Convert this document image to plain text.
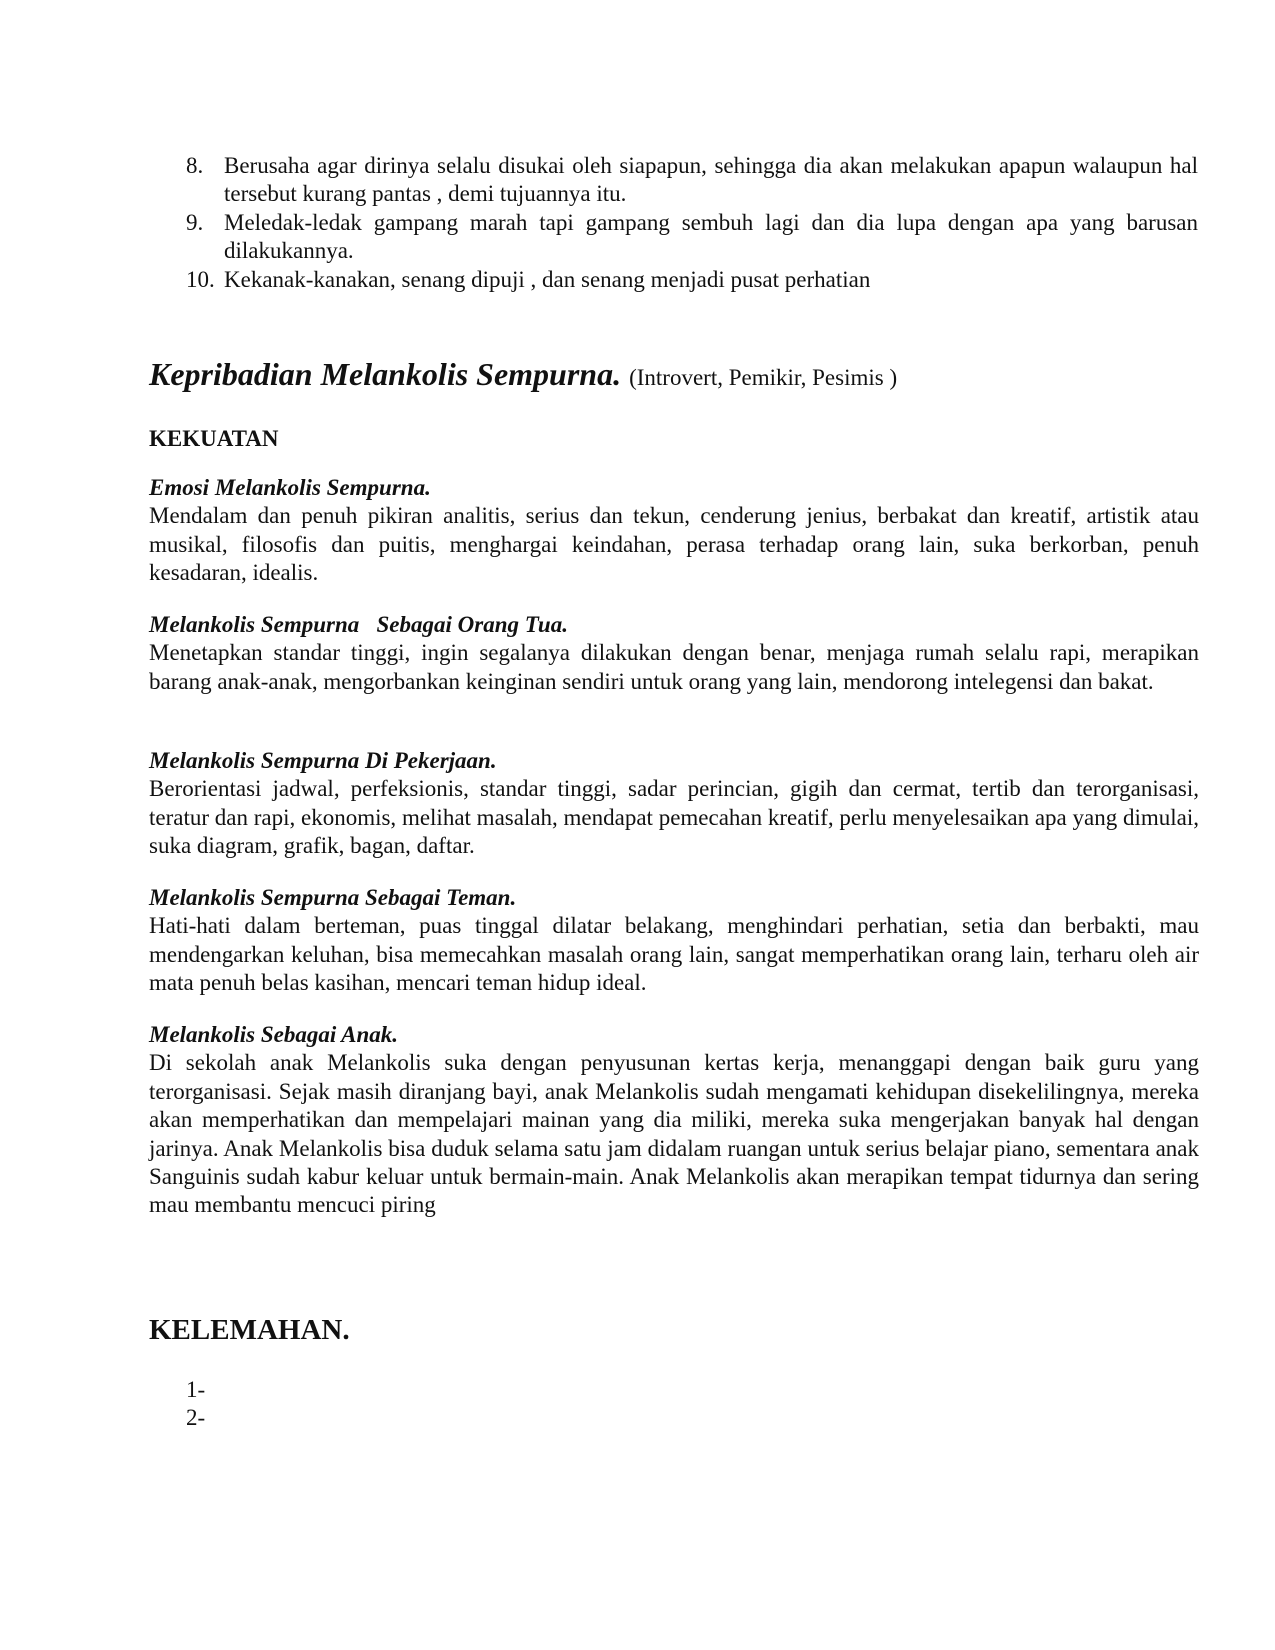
8. Berusaha agar dirinya selalu disukai oleh siapapun, sehingga dia akan melakukan apapun walaupun hal tersebut kurang pantas , demi tujuannya itu.
9. Meledak-ledak gampang marah tapi gampang sembuh lagi dan dia lupa dengan apa yang barusan dilakukannya.
10. Kekanak-kanakan, senang dipuji , dan senang menjadi pusat perhatian
Kepribadian Melankolis Sempurna. (Introvert, Pemikir, Pesimis )
KEKUATAN

Emosi Melankolis Sempurna.

Mendalam dan penuh pikiran analitis, serius dan tekun, cenderung jenius, berbakat dan kreatif, artistik atau musikal, filosofis dan puitis, menghargai keindahan, perasa terhadap orang lain, suka berkorban, penuh kesadaran, idealis.

Melankolis Sempurna   Sebagai Orang Tua.

Menetapkan standar tinggi, ingin segalanya dilakukan dengan benar, menjaga rumah selalu rapi, merapikan barang anak-anak, mengorbankan keinginan sendiri untuk orang yang lain, mendorong intelegensi dan bakat.

Melankolis Sempurna Di Pekerjaan.

Berorientasi jadwal, perfeksionis, standar tinggi, sadar perincian, gigih dan cermat, tertib dan terorganisasi, teratur dan rapi, ekonomis, melihat masalah, mendapat pemecahan kreatif, perlu menyelesaikan apa yang dimulai, suka diagram, grafik, bagan, daftar.

Melankolis Sempurna Sebagai Teman.

Hati-hati dalam berteman, puas tinggal dilatar belakang, menghindari perhatian, setia dan berbakti, mau mendengarkan keluhan, bisa memecahkan masalah orang lain, sangat memperhatikan orang lain, terharu oleh air mata penuh belas kasihan, mencari teman hidup ideal.

Melankolis Sebagai Anak.

Di sekolah anak Melankolis suka dengan penyusunan kertas kerja, menanggapi dengan baik guru yang terorganisasi. Sejak masih diranjang bayi, anak Melankolis sudah mengamati kehidupan disekelilingnya, mereka akan memperhatikan dan mempelajari mainan yang dia miliki, mereka suka mengerjakan banyak hal dengan jarinya. Anak Melankolis bisa duduk selama satu jam didalam ruangan untuk serius belajar piano, sementara anak Sanguinis sudah kabur keluar untuk bermain-main. Anak Melankolis akan merapikan tempat tidurnya dan sering mau membantu mencuci piring

KELEMAHAN.
1-
2-
